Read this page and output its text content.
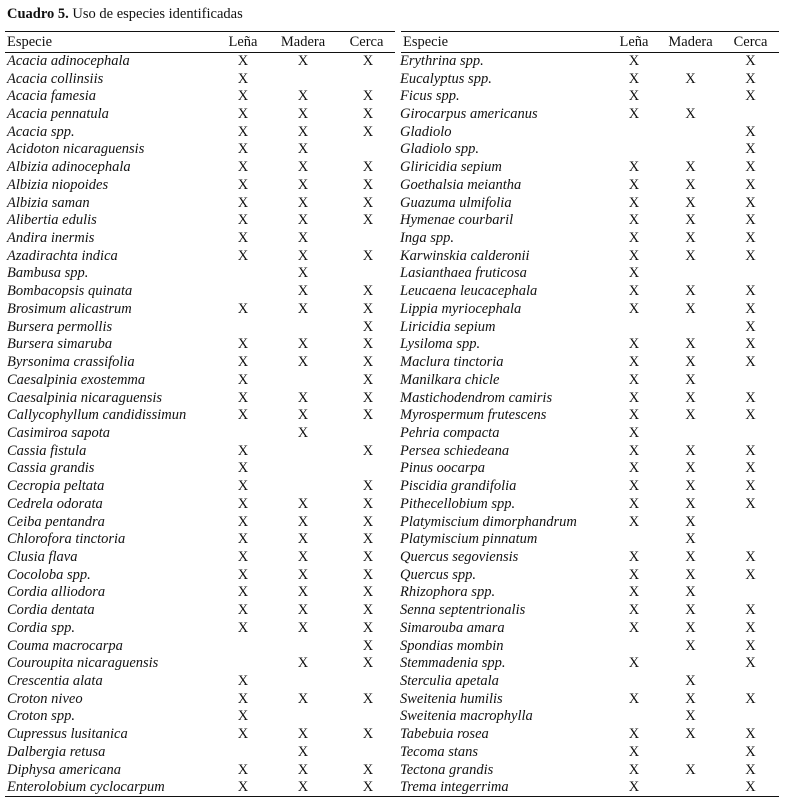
Cuadro 5. Uso de especies identificadas
Especie	Leña	Madera	Cerca	Especie	Leña	Madera	Cerca
Acacia adinocephala	X	X	X	Erythrina spp.	X		X
Acacia collinsiis	X			Eucalyptus spp.	X	X	X
Acacia famesia	X	X	X	Ficus spp.	X		X
Acacia pennatula	X	X	X	Girocarpus americanus	X	X	
Acacia spp.	X	X	X	Gladiolo			X
Acidoton nicaraguensis	X	X		Gladiolo spp.			X
Albizia adinocephala	X	X	X	Gliricidia sepium	X	X	X
Albizia niopoides	X	X	X	Goethalsia meiantha	X	X	X
Albizia saman	X	X	X	Guazuma ulmifolia	X	X	X
Alibertia edulis	X	X	X	Hymenae courbaril	X	X	X
Andira inermis	X	X		Inga spp.	X	X	X
Azadirachta indica	X	X	X	Karwinskia calderonii	X	X	X
Bambusa spp.		X		Lasianthaea fruticosa	X		
Bombacopsis quinata		X	X	Leucaena leucacephala	X	X	X
Brosimum alicastrum	X	X	X	Lippia myriocephala	X	X	X
Bursera permollis			X	Liricidia sepium			X
Bursera simaruba	X	X	X	Lysiloma spp.	X	X	X
Byrsonima crassifolia	X	X	X	Maclura tinctoria	X	X	X
Caesalpinia exostemma	X		X	Manilkara chicle	X	X	
Caesalpinia nicaraguensis	X	X	X	Mastichodendrom camiris	X	X	X
Callycophyllum candidissimun	X	X	X	Myrospermum frutescens	X	X	X
Casimiroa sapota		X		Pehria compacta	X		
Cassia fistula	X		X	Persea schiedeana	X	X	X
Cassia grandis	X			Pinus oocarpa	X	X	X
Cecropia peltata	X		X	Piscidia grandifolia	X	X	X
Cedrela odorata	X	X	X	Pithecellobium spp.	X	X	X
Ceiba pentandra	X	X	X	Platymiscium dimorphandrum	X	X	
Chlorofora tinctoria	X	X	X	Platymiscium pinnatum		X	
Clusia flava	X	X	X	Quercus segoviensis	X	X	X
Cocoloba spp.	X	X	X	Quercus spp.	X	X	X
Cordia alliodora	X	X	X	Rhizophora spp.	X	X	
Cordia dentata	X	X	X	Senna septentrionalis	X	X	X
Cordia spp.	X	X	X	Simarouba amara	X	X	X
Couma macrocarpa			X	Spondias mombin		X	X
Couroupita nicaraguensis		X	X	Stemmadenia spp.	X		X
Crescentia alata	X			Sterculia apetala		X	
Croton niveo	X	X	X	Sweitenia humilis	X	X	X
Croton spp.	X			Sweitenia macrophylla		X	
Cupressus lusitanica	X	X	X	Tabebuia rosea	X	X	X
Dalbergia retusa		X		Tecoma stans	X		X
Diphysa americana	X	X	X	Tectona grandis	X	X	X
Enterolobium cyclocarpum	X	X	X	Trema integerrima	X		X
